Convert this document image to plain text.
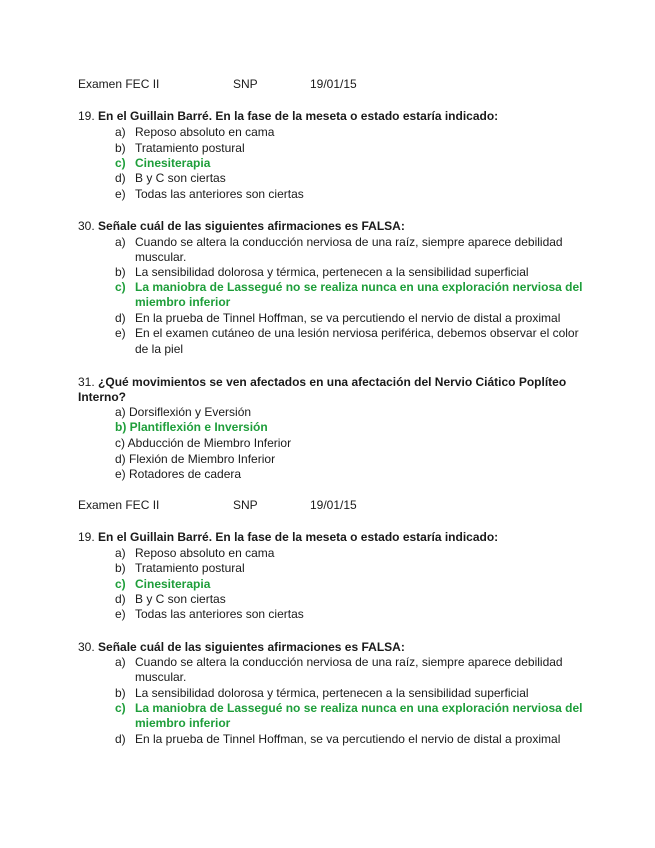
Examen FEC II	SNP	19/01/15
19. En el Guillain Barré. En la fase de la meseta o estado estaría indicado:
a) Reposo absoluto en cama
b) Tratamiento postural
c) Cinesiterapia
d) B y C son ciertas
e) Todas las anteriores son ciertas
30. Señale cuál de las siguientes afirmaciones es FALSA:
a) Cuando se altera la conducción nerviosa de una raíz, siempre aparece debilidad
muscular.
b) La sensibilidad dolorosa y térmica, pertenecen a la sensibilidad superficial
c) La maniobra de Lassegué no se realiza nunca en una exploración nerviosa del
miembro inferior
d) En la prueba de Tinnel Hoffman, se va percutiendo el nervio de distal a proximal
e) En el examen cutáneo de una lesión nerviosa periférica, debemos observar el color
de la piel
31. ¿Qué movimientos se ven afectados en una afectación del Nervio Ciático Poplíteo
Interno?
a) Dorsiflexión y Eversión
b) Plantiflexión e Inversión
c) Abducción de Miembro Inferior
d) Flexión de Miembro Inferior
e) Rotadores de cadera
Examen FEC II	SNP	19/01/15
19. En el Guillain Barré. En la fase de la meseta o estado estaría indicado:
a) Reposo absoluto en cama
b) Tratamiento postural
c) Cinesiterapia
d) B y C son ciertas
e) Todas las anteriores son ciertas
30. Señale cuál de las siguientes afirmaciones es FALSA:
a) Cuando se altera la conducción nerviosa de una raíz, siempre aparece debilidad
muscular.
b) La sensibilidad dolorosa y térmica, pertenecen a la sensibilidad superficial
c) La maniobra de Lassegué no se realiza nunca en una exploración nerviosa del
miembro inferior
d) En la prueba de Tinnel Hoffman, se va percutiendo el nervio de distal a proximal
